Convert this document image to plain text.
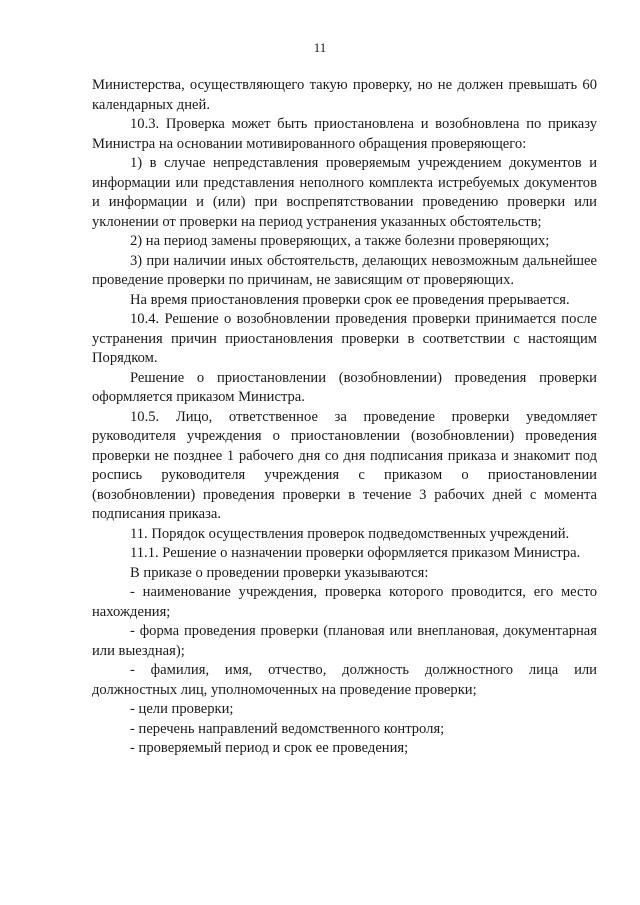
11

Министерства, осуществляющего такую проверку, но не должен превышать 60 календарных дней.

10.3. Проверка может быть приостановлена и возобновлена по приказу Министра на основании мотивированного обращения проверяющего:

1) в случае непредставления проверяемым учреждением документов и информации или представления неполного комплекта истребуемых документов и информации и (или) при воспрепятствовании проведению проверки или уклонении от проверки на период устранения указанных обстоятельств;

2) на период замены проверяющих, а также болезни проверяющих;

3) при наличии иных обстоятельств, делающих невозможным дальнейшее проведение проверки по причинам, не зависящим от проверяющих.

На время приостановления проверки срок ее проведения прерывается.

10.4. Решение о возобновлении проведения проверки принимается после устранения причин приостановления проверки в соответствии с настоящим Порядком.

Решение о приостановлении (возобновлении) проведения проверки оформляется приказом Министра.

10.5. Лицо, ответственное за проведение проверки уведомляет руководителя учреждения о приостановлении (возобновлении) проведения проверки не позднее 1 рабочего дня со дня подписания приказа и знакомит под роспись руководителя учреждения с приказом о приостановлении (возобновлении) проведения проверки в течение 3 рабочих дней с момента подписания приказа.

11. Порядок осуществления проверок подведомственных учреждений.

11.1. Решение о назначении проверки оформляется приказом Министра.

В приказе о проведении проверки указываются:

- наименование учреждения, проверка которого проводится, его место нахождения;

- форма проведения проверки (плановая или внеплановая, документарная или выездная);

- фамилия, имя, отчество, должность должностного лица или должностных лиц, уполномоченных на проведение проверки;

- цели проверки;

- перечень направлений ведомственного контроля;

- проверяемый период и срок ее проведения;
